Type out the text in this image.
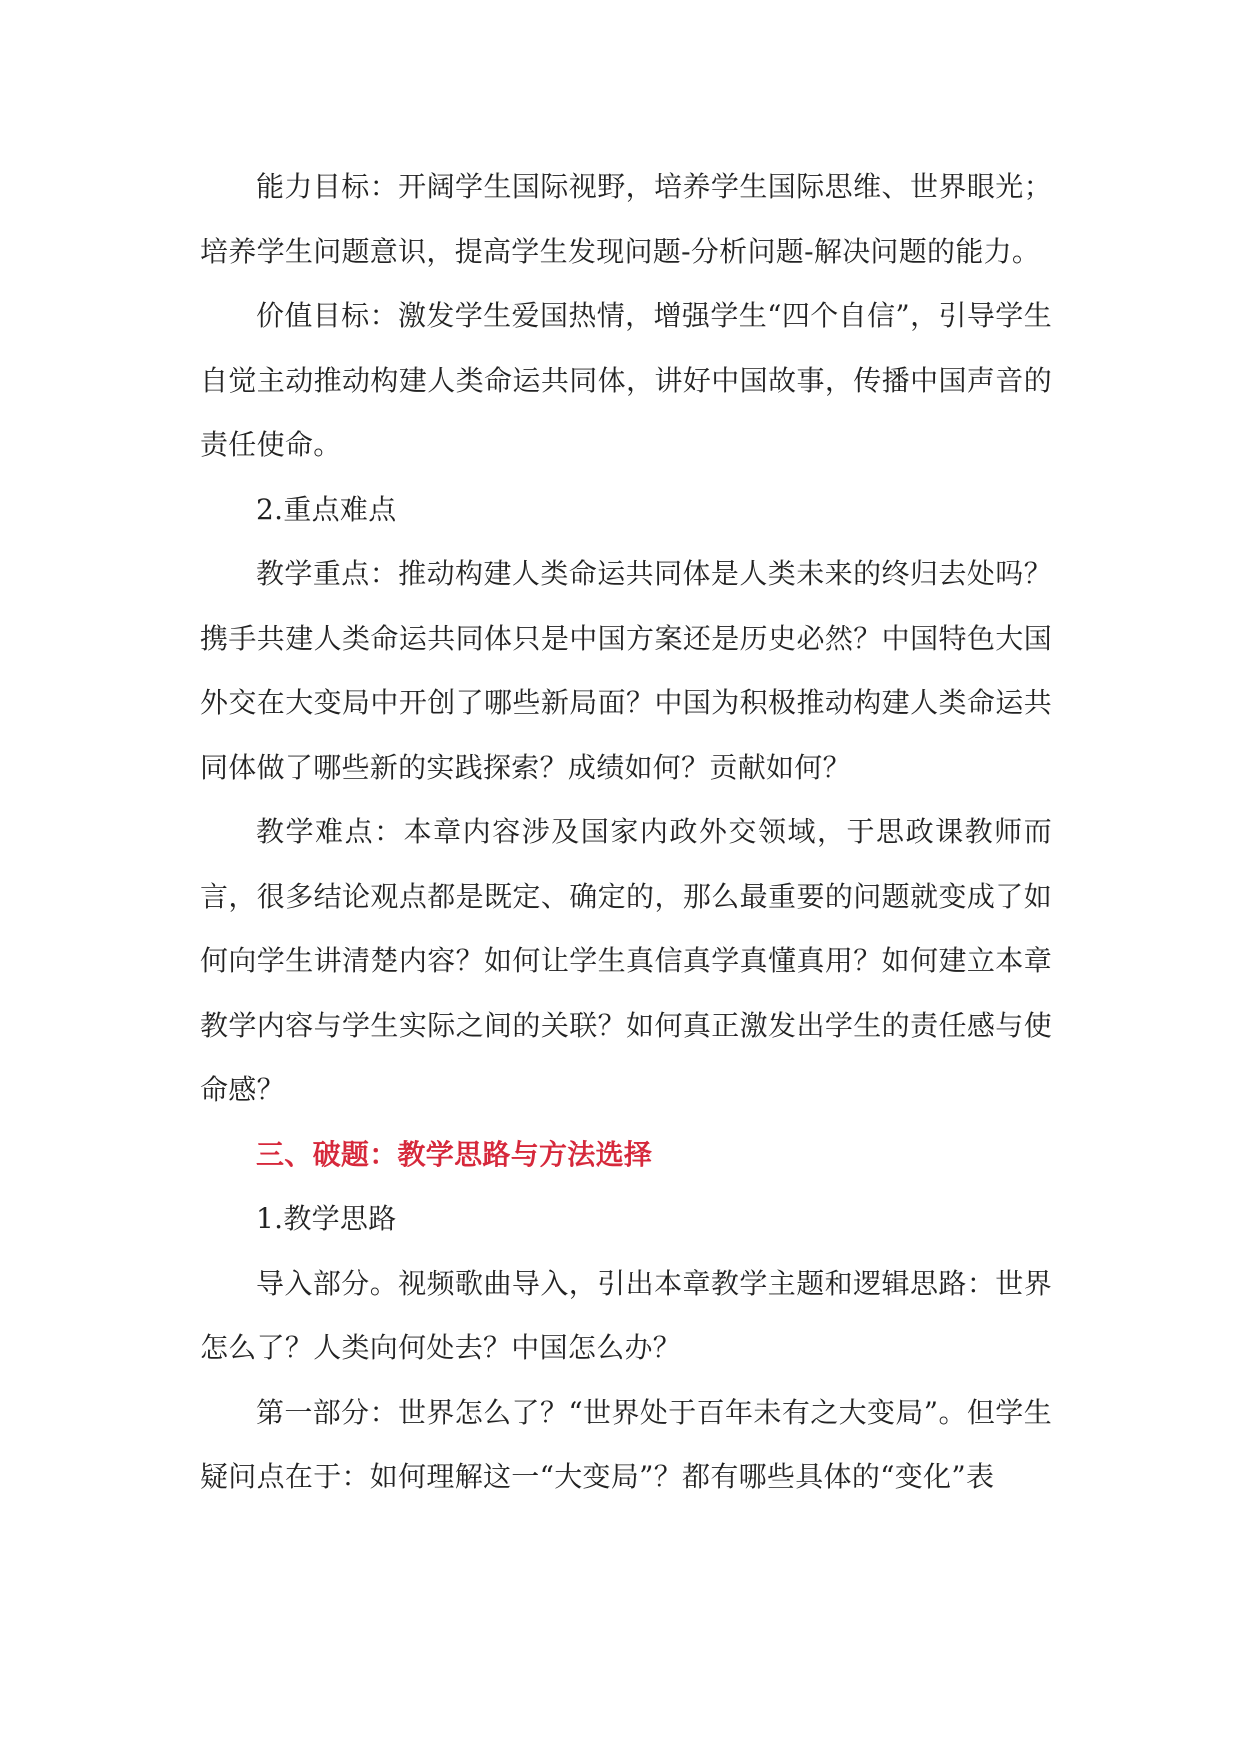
能力目标：开阔学生国际视野，培养学生国际思维、世界眼光；培养学生问题意识，提高学生发现问题-分析问题-解决问题的能力。

价值目标：激发学生爱国热情，增强学生“四个自信”，引导学生自觉主动推动构建人类命运共同体，讲好中国故事，传播中国声音的责任使命。

2.重点难点

教学重点：推动构建人类命运共同体是人类未来的终归去处吗？携手共建人类命运共同体只是中国方案还是历史必然？中国特色大国外交在大变局中开创了哪些新局面？中国为积极推动构建人类命运共同体做了哪些新的实践探索？成绩如何？贡献如何？

教学难点：本章内容涉及国家内政外交领域，于思政课教师而言，很多结论观点都是既定、确定的，那么最重要的问题就变成了如何向学生讲清楚内容？如何让学生真信真学真懂真用？如何建立本章教学内容与学生实际之间的关联？如何真正激发出学生的责任感与使命感？

三、破题：教学思路与方法选择

1.教学思路

导入部分。视频歌曲导入，引出本章教学主题和逻辑思路：世界怎么了？人类向何处去？中国怎么办？

第一部分：世界怎么了？“世界处于百年未有之大变局”。但学生疑问点在于：如何理解这一“大变局”？都有哪些具体的“变化”表
